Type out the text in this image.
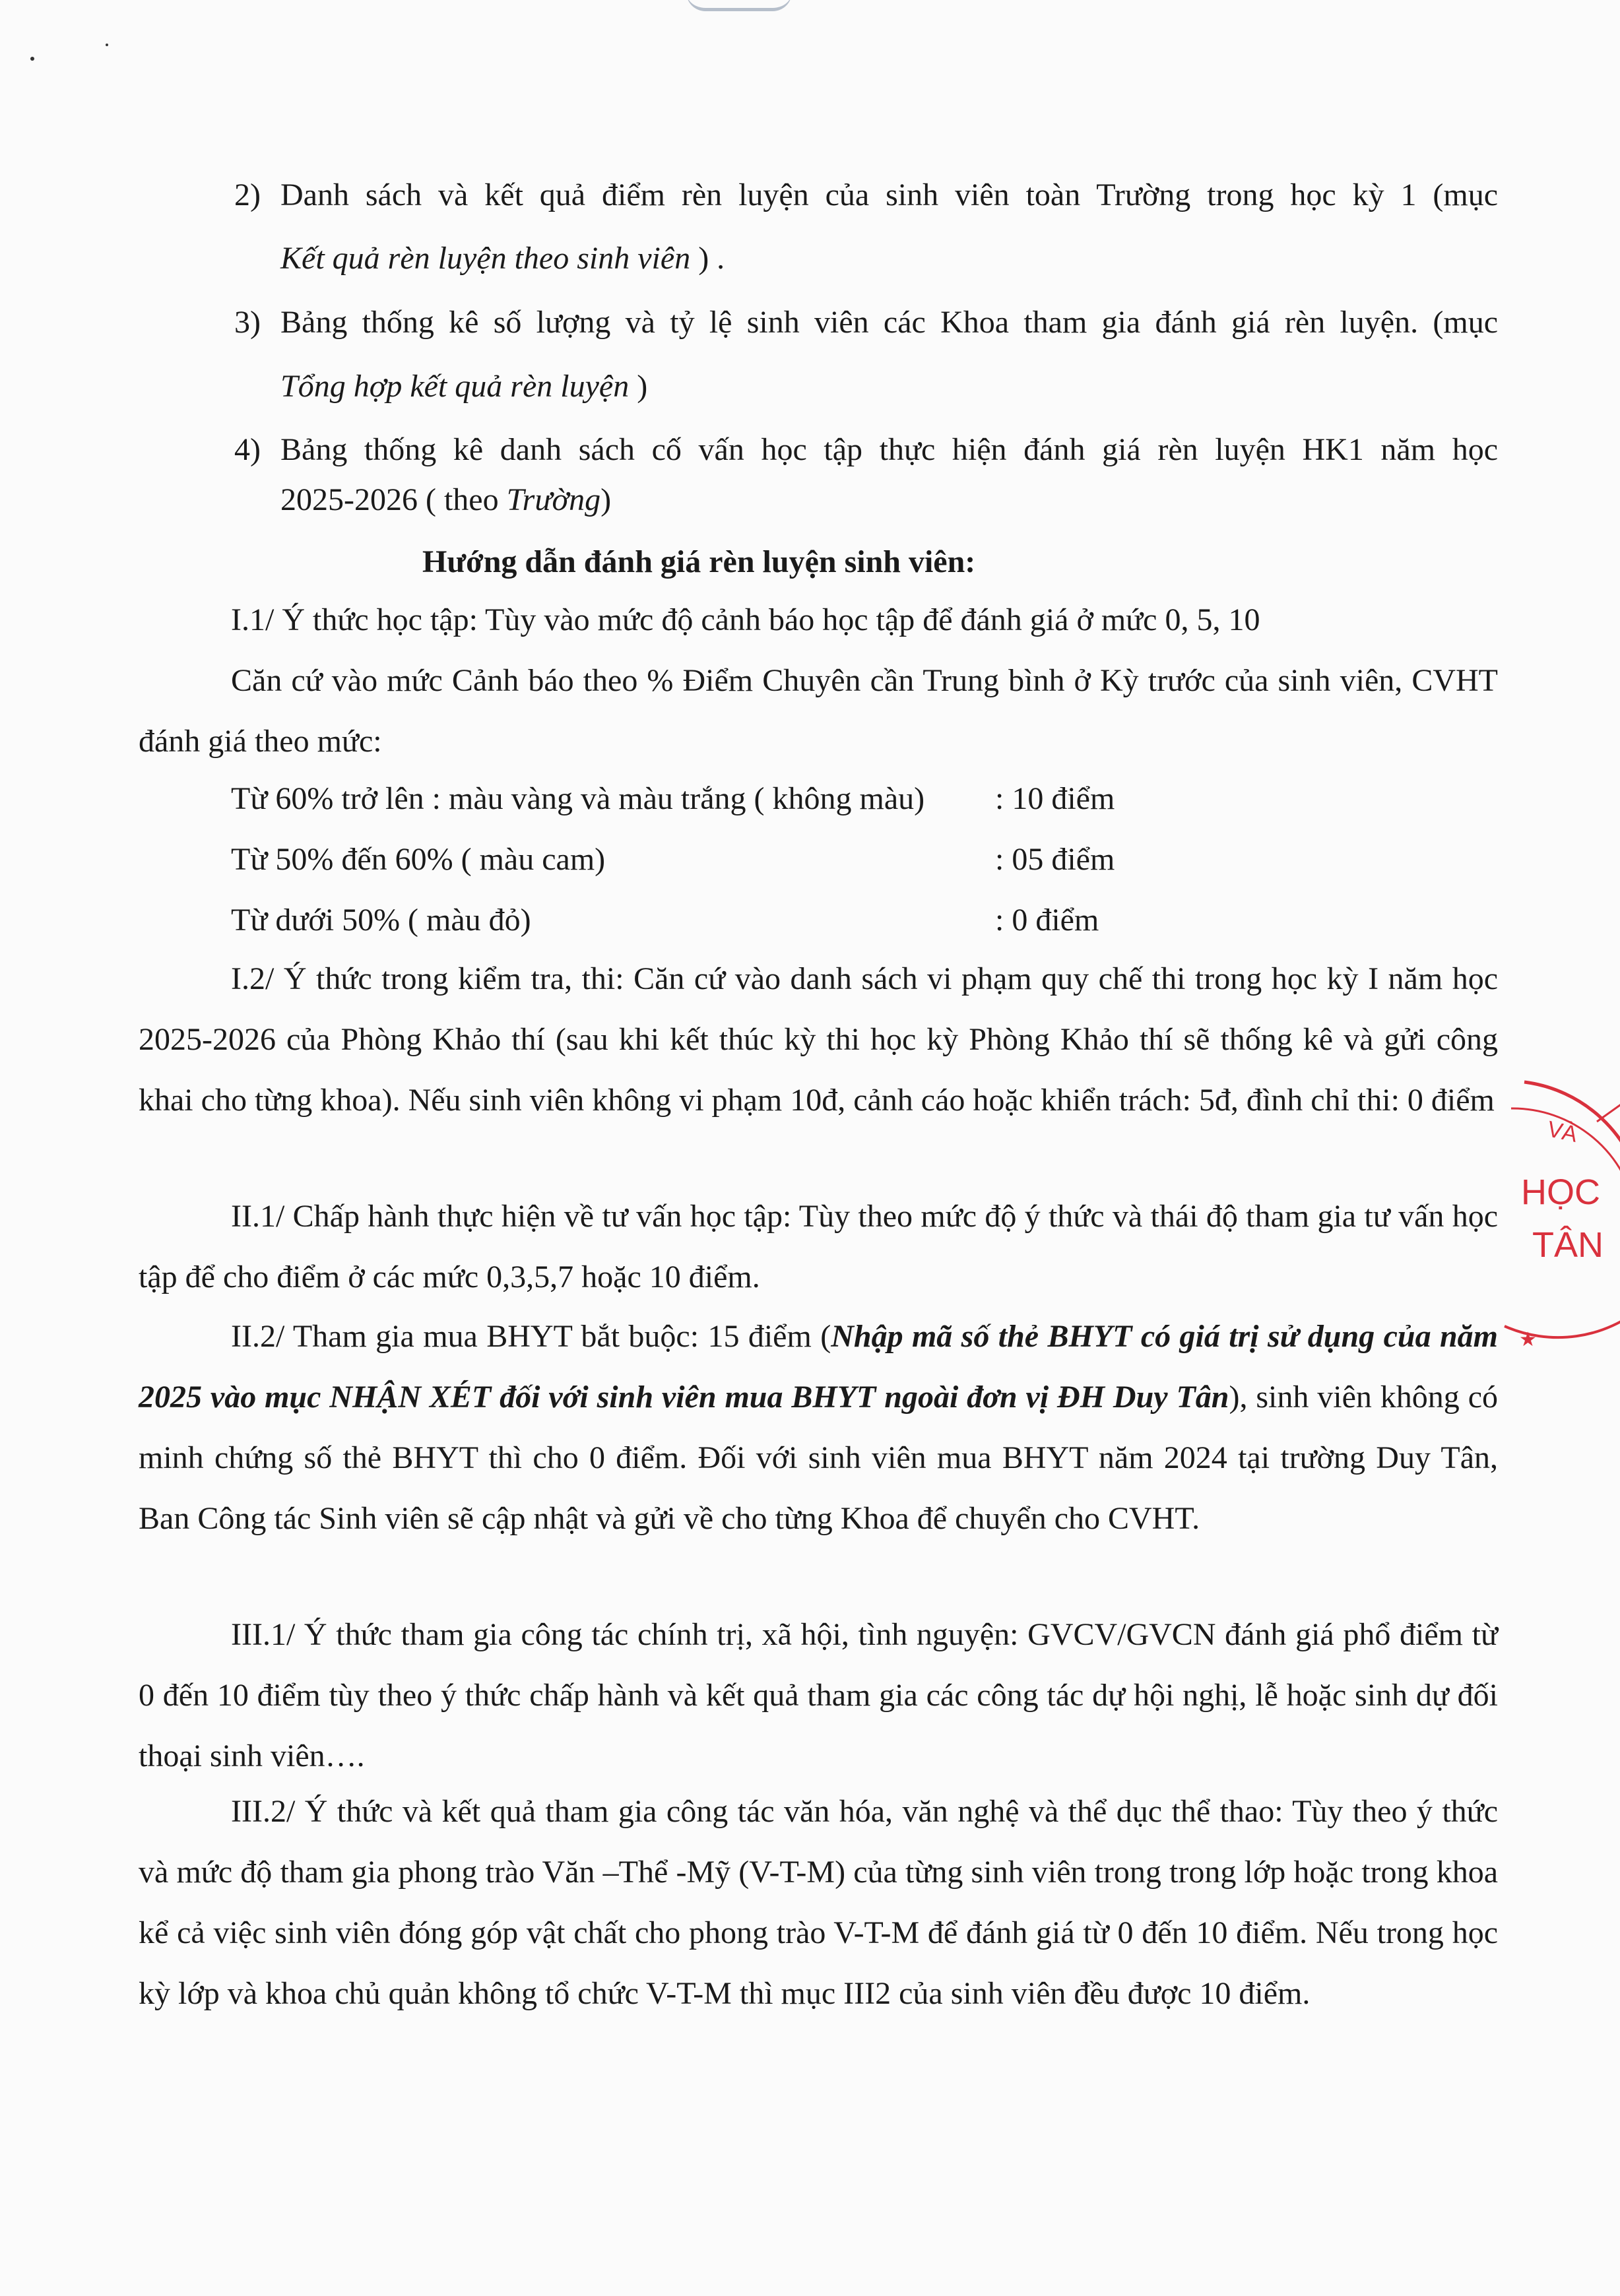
2) Danh sách và kết quả điểm rèn luyện của sinh viên toàn Trường trong học kỳ 1 (mục
Kết quả rèn luyện theo sinh viên ) .
3) Bảng thống kê số lượng và tỷ lệ sinh viên các Khoa tham gia đánh giá rèn luyện. (mục
Tổng hợp kết quả rèn luyện )
4) Bảng thống kê danh sách cố vấn học tập thực hiện đánh giá rèn luyện HK1 năm học
2025-2026 ( theo Trường)
Hướng dẫn đánh giá rèn luyện sinh viên:
I.1/ Ý thức học tập: Tùy vào mức độ cảnh báo học tập để đánh giá ở mức 0, 5, 10
Căn cứ vào mức Cảnh báo theo % Điểm Chuyên cần Trung bình ở Kỳ trước của sinh viên, CVHT đánh giá theo mức:
Từ 60% trở lên : màu vàng và màu trắng ( không màu) : 10 điểm
Từ 50% đến 60% ( màu cam)	: 05 điểm
Từ dưới 50% ( màu đỏ)	: 0 điểm
I.2/ Ý thức trong kiểm tra, thi: Căn cứ vào danh sách vi phạm quy chế thi trong học kỳ I năm học 2025-2026 của Phòng Khảo thí (sau khi kết thúc kỳ thi học kỳ Phòng Khảo thí sẽ thống kê và gửi công khai cho từng khoa). Nếu sinh viên không vi phạm 10đ, cảnh cáo hoặc khiển trách: 5đ, đình chỉ thi: 0 điểm
II.1/ Chấp hành thực hiện về tư vấn học tập: Tùy theo mức độ ý thức và thái độ tham gia tư vấn học tập để cho điểm ở các mức 0,3,5,7 hoặc 10 điểm.
II.2/ Tham gia mua BHYT bắt buộc: 15 điểm (Nhập mã số thẻ BHYT có giá trị sử dụng của năm 2025 vào mục NHẬN XÉT đối với sinh viên mua BHYT ngoài đơn vị ĐH Duy Tân), sinh viên không có minh chứng số thẻ BHYT thì cho 0 điểm. Đối với sinh viên mua BHYT năm 2024 tại trường Duy Tân, Ban Công tác Sinh viên sẽ cập nhật và gửi về cho từng Khoa để chuyển cho CVHT.
III.1/ Ý thức tham gia công tác chính trị, xã hội, tình nguyện: GVCV/GVCN đánh giá phổ điểm từ 0 đến 10 điểm tùy theo ý thức chấp hành và kết quả tham gia các công tác dự hội nghị, lễ hoặc sinh dự đối thoại sinh viên….
III.2/ Ý thức và kết quả tham gia công tác văn hóa, văn nghệ và thể dục thể thao: Tùy theo ý thức và mức độ tham gia phong trào Văn –Thể -Mỹ (V-T-M) của từng sinh viên trong trong lớp hoặc trong khoa kể cả việc sinh viên đóng góp vật chất cho phong trào V-T-M để đánh giá từ 0 đến 10 điểm. Nếu trong học kỳ lớp và khoa chủ quản không tổ chức V-T-M thì mục III2 của sinh viên đều được 10 điểm.
VÀ
HỌC
TÂN
★
